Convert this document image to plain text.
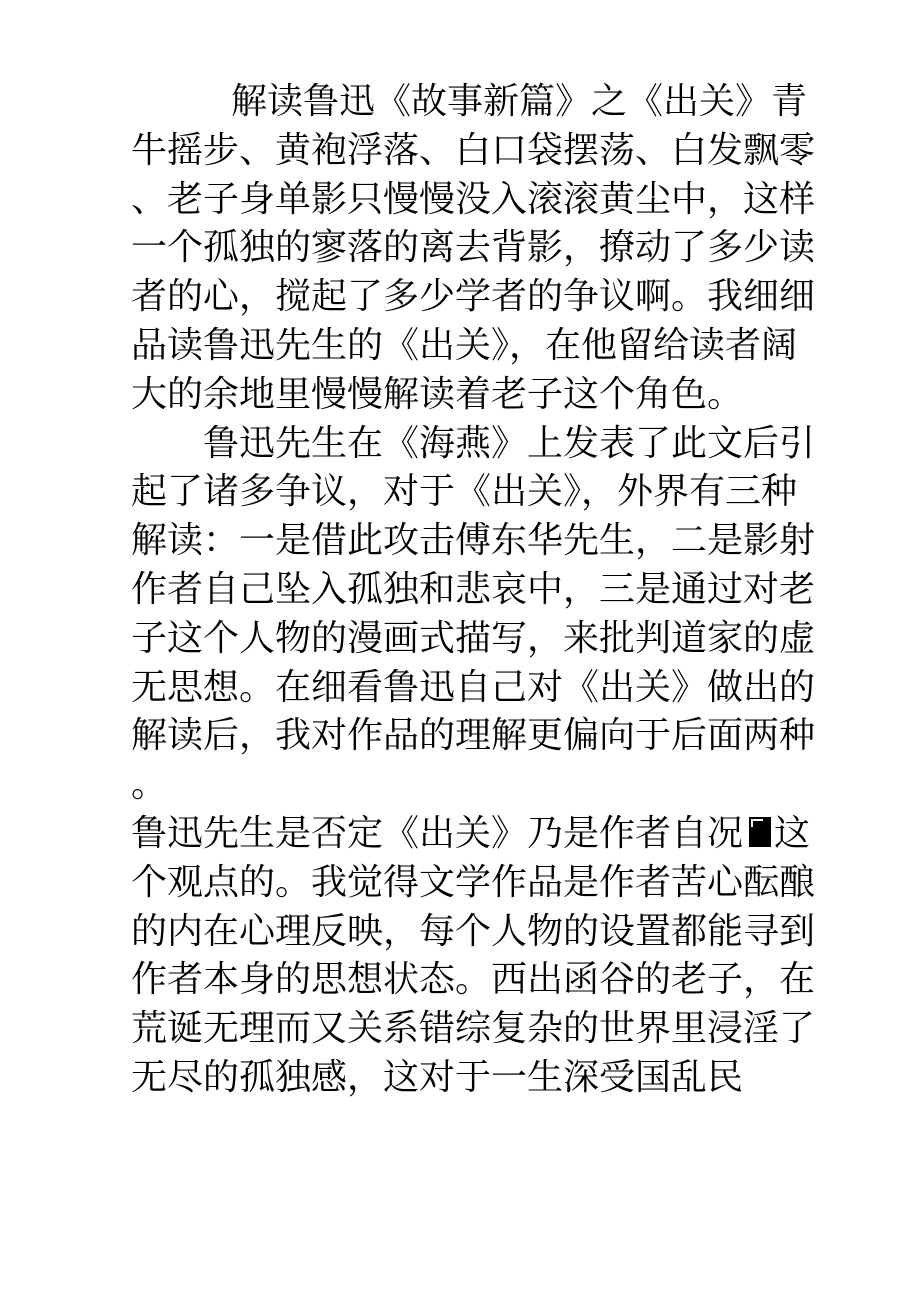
解读鲁迅《故事新篇》之《出关》青
牛摇步、黄袍浮落、白口袋摆荡、白发飘零
、老子身单影只慢慢没入滚滚黄尘中，这样
一个孤独的寥落的离去背影，撩动了多少读
者的心，搅起了多少学者的争议啊。我细细
品读鲁迅先生的《出关》，在他留给读者阔
大的余地里慢慢解读着老子这个角色。
鲁迅先生在《海燕》上发表了此文后引
起了诸多争议，对于《出关》，外界有三种
解读：一是借此攻击傅东华先生，二是影射
作者自己坠入孤独和悲哀中，三是通过对老
子这个人物的漫画式描写，来批判道家的虚
无思想。在细看鲁迅自己对《出关》做出的
解读后，我对作品的理解更偏向于后面两种
。
鲁迅先生是否定《出关》乃是作者自况 这
个观点的。我觉得文学作品是作者苦心酝酿
的内在心理反映，每个人物的设置都能寻到
作者本身的思想状态。西出函谷的老子，在
荒诞无理而又关系错综复杂的世界里浸淫了
无尽的孤独感，这对于一生深受国乱民
